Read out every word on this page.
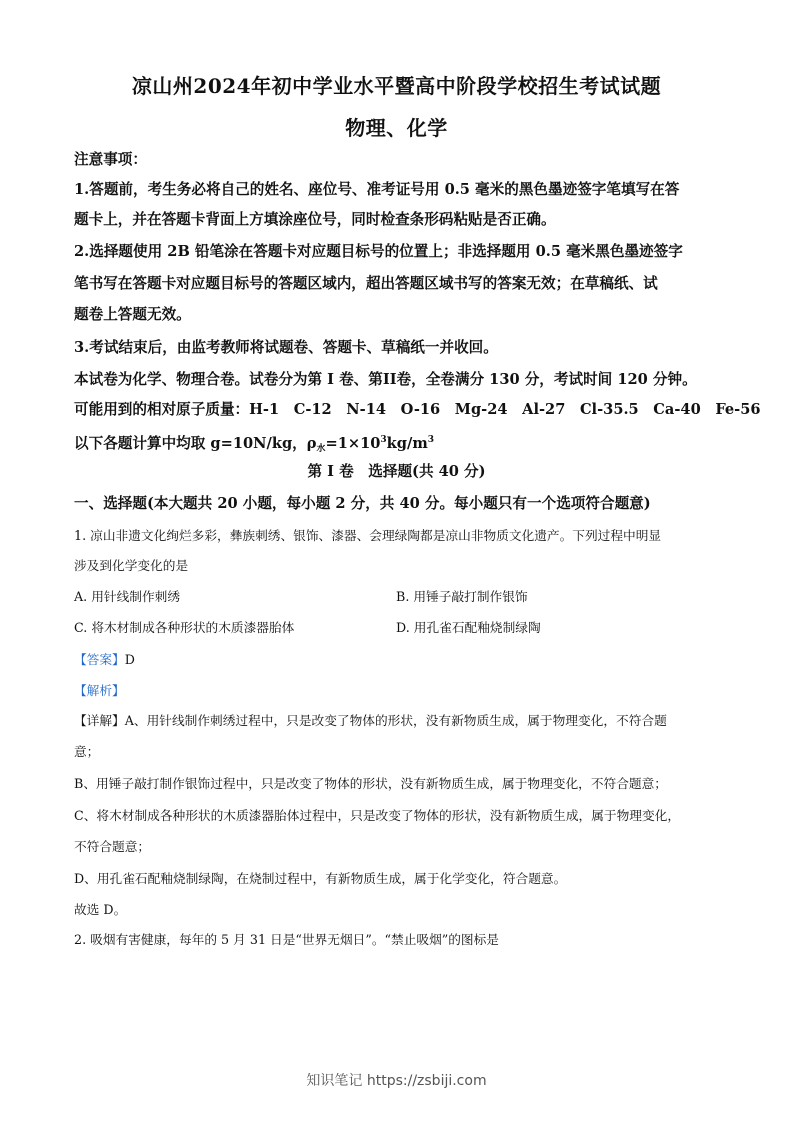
凉山州2024年初中学业水平暨高中阶段学校招生考试试题
物理、化学
注意事项：
1.答题前，考生务必将自己的姓名、座位号、准考证号用 0.5 毫米的黑色墨迹签字笔填写在答
题卡上，并在答题卡背面上方填涂座位号，同时检查条形码粘贴是否正确。
2.选择题使用 2B 铅笔涂在答题卡对应题目标号的位置上；非选择题用 0.5 毫米黑色墨迹签字
笔书写在答题卡对应题目标号的答题区域内，超出答题区域书写的答案无效；在草稿纸、试
题卷上答题无效。
3.考试结束后，由监考教师将试题卷、答题卡、草稿纸一并收回。
本试卷为化学、物理合卷。试卷分为第 I 卷、第II卷，全卷满分 130 分，考试时间 120 分钟。
可能用到的相对原子质量：H-1　C-12　N-14　O-16　Mg-24　Al-27　Cl-35.5　Ca-40　Fe-56
以下各题计算中均取 g=10N/kg，$\rho_水=1\times 10^3kg/m^3$
第 I 卷　选择题(共 40 分)
一、选择题(本大题共 20 小题，每小题 2 分，共 40 分。每小题只有一个选项符合题意)
1. 凉山非遗文化绚烂多彩，彝族刺绣、银饰、漆器、会理绿陶都是凉山非物质文化遗产。下列过程中明显
涉及到化学变化的是
A. 用针线制作刺绣	B. 用锤子敲打制作银饰
C. 将木材制成各种形状的木质漆器胎体	D. 用孔雀石配釉烧制绿陶
【答案】D
【解析】
【详解】A、用针线制作刺绣过程中，只是改变了物体的形状，没有新物质生成，属于物理变化，不符合题
意；
B、用锤子敲打制作银饰过程中，只是改变了物体的形状，没有新物质生成，属于物理变化，不符合题意；
C、将木材制成各种形状的木质漆器胎体过程中，只是改变了物体的形状，没有新物质生成，属于物理变化，
不符合题意；
D、用孔雀石配釉烧制绿陶，在烧制过程中，有新物质生成，属于化学变化，符合题意。
故选 D。
2. 吸烟有害健康，每年的 5 月 31 日是“世界无烟日”。“禁止吸烟”的图标是
知识笔记 https://zsbiji.com
